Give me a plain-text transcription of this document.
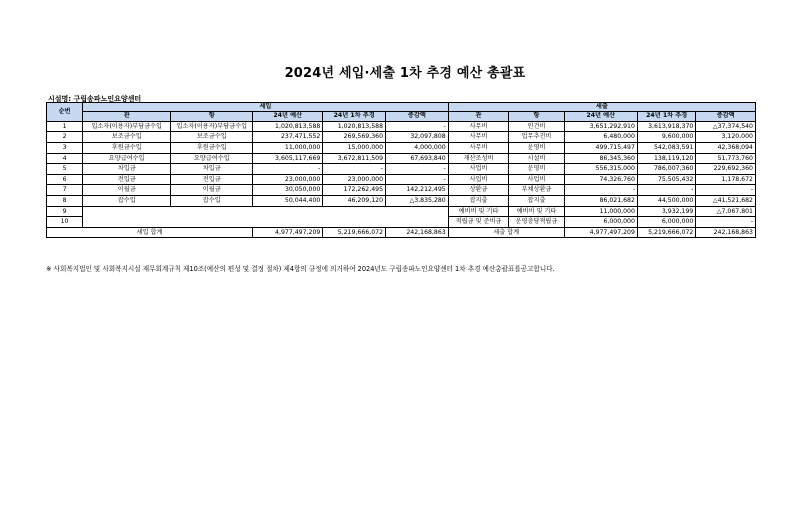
2024년 세입·세출 1차 추경 예산 총괄표
시설명: 구립송파노인요양센터
순번	세입					세출				
	관	항	24년 예산	24년 1차 추경	증감액	관	항	24년 예산	24년 1차 추경	증감액
1	입소자(이용자)부담금수입	입소자(이용자)부담금수입	1,020,813,588	1,020,813,588	-	사무비	인건비	3,651,292,910	3,613,918,370	△37,374,540
2	보조금수입	보조금수입	237,471,552	269,569,360	32,097,808	사무비	업무추진비	6,480,000	9,600,000	3,120,000
3	후원금수입	후원금수입	11,000,000	15,000,000	4,000,000	사무비	운영비	499,715,497	542,083,591	42,368,094
4	요양급여수입	요양급여수입	3,605,117,669	3,672,811,509	67,693,840	재산조성비	시설비	86,345,360	138,119,120	51,773,760
5	차입금	차입금	-	-	-	사업비	운영비	556,315,000	786,007,360	229,692,360
6	전입금	전입금	23,000,000	23,000,000	-	사업비	사업비	74,326,760	75,505,432	1,178,672
7	이월금	이월금	30,050,000	172,262,495	142,212,495	상환금	부채상환금	-	-	-
8	잡수입	잡수입	50,044,400	46,209,120	△3,835,280	잡지출	잡지출	86,021,682	44,500,000	△41,521,682
9						예비비 및 기타	예비비 및 기타	11,000,000	3,932,199	△7,067,801
10						적립금 및 준비금	운영충당적립금	6,000,000	6,000,000	-
세입 합계			4,977,497,209	5,219,666,072	242,168,863	세출 합계		4,977,497,209	5,219,666,072	242,168,863
※ 사회복지법인 및 사회복지시설 재무회계규칙 제10조(예산의 편성 및 결정 절차) 제4항의 규정에 의거하여 2024년도 구립송파노인요양센터 1차 추경 예산총괄표를공고합니다.
